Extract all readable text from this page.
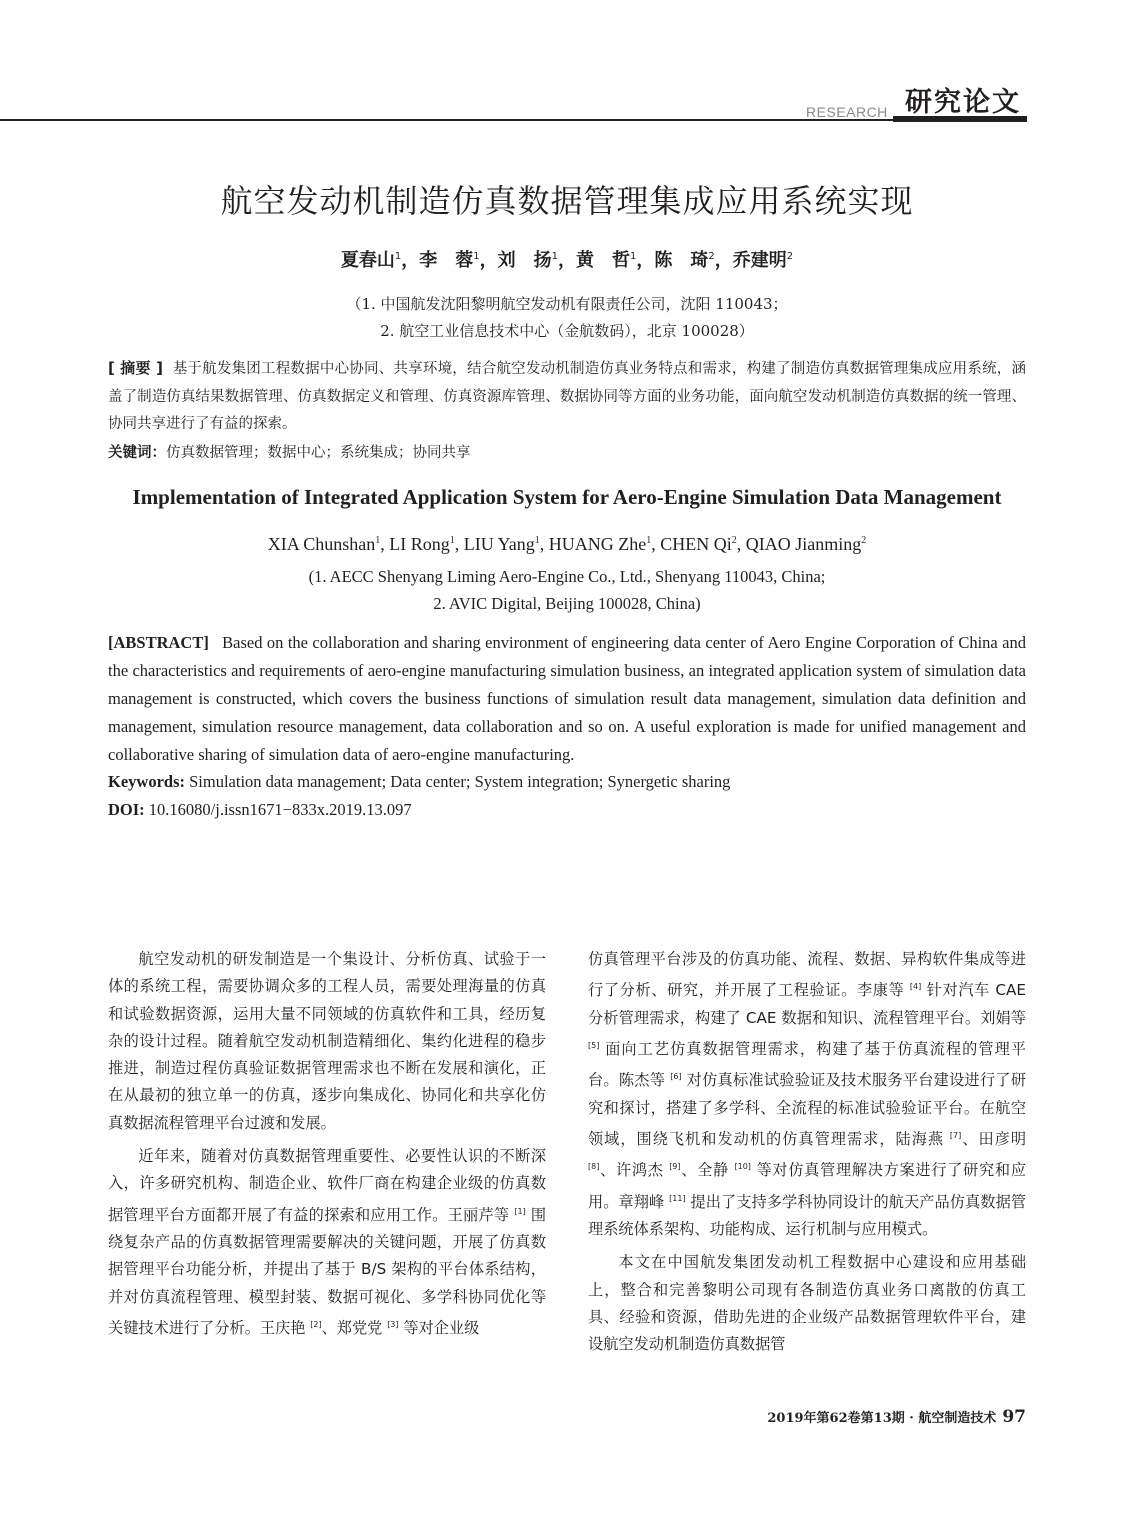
RESEARCH 研究论文
航空发动机制造仿真数据管理集成应用系统实现
夏春山$^1$，李　蓉$^1$，刘　扬$^1$，黄　哲$^1$，陈　琦$^2$，乔建明$^2$
（1. 中国航发沈阳黎明航空发动机有限责任公司，沈阳 110043；
2. 航空工业信息技术中心（金航数码），北京 100028）
[ 摘要 ] 基于航发集团工程数据中心协同、共享环境，结合航空发动机制造仿真业务特点和需求，构建了制造仿真数据管理集成应用系统，涵盖了制造仿真结果数据管理、仿真数据定义和管理、仿真资源库管理、数据协同等方面的业务功能，面向航空发动机制造仿真数据的统一管理、协同共享进行了有益的探索。
关键词：仿真数据管理；数据中心；系统集成；协同共享
Implementation of Integrated Application System for Aero-Engine Simulation Data Management
XIA Chunshan$^1$, LI Rong$^1$, LIU Yang$^1$, HUANG Zhe$^1$, CHEN Qi$^2$, QIAO Jianming$^2$
(1. AECC Shenyang Liming Aero-Engine Co., Ltd., Shenyang 110043, China;
2. AVIC Digital, Beijing 100028, China)
[ABSTRACT] Based on the collaboration and sharing environment of engineering data center of Aero Engine Corporation of China and the characteristics and requirements of aero-engine manufacturing simulation business, an integrated application system of simulation data management is constructed, which covers the business functions of simulation result data management, simulation data definition and management, simulation resource management, data collaboration and so on. A useful exploration is made for unified management and collaborative sharing of simulation data of aero-engine manufacturing.
Keywords: Simulation data management; Data center; System integration; Synergetic sharing
DOI: 10.16080/j.issn1671−833x.2019.13.097

航空发动机的研发制造是一个集设计、分析仿真、试验于一体的系统工程，需要协调众多的工程人员，需要处理海量的仿真和试验数据资源，运用大量不同领域的仿真软件和工具，经历复杂的设计过程。随着航空发动机制造精细化、集约化进程的稳步推进，制造过程仿真验证数据管理需求也不断在发展和演化，正在从最初的独立单一的仿真，逐步向集成化、协同化和共享化仿真数据流程管理平台过渡和发展。

近年来，随着对仿真数据管理重要性、必要性认识的不断深入，许多研究机构、制造企业、软件厂商在构建企业级的仿真数据管理平台方面都开展了有益的探索和应用工作。王丽芹等 [1] 围绕复杂产品的仿真数据管理需要解决的关键问题，开展了仿真数据管理平台功能分析，并提出了基于 B/S 架构的平台体系结构，并对仿真流程管理、模型封装、数据可视化、多学科协同优化等关键技术进行了分析。王庆艳 [2]、郑党党 [3] 等对企业级

仿真管理平台涉及的仿真功能、流程、数据、异构软件集成等进行了分析、研究，并开展了工程验证。李康等 [4] 针对汽车 CAE 分析管理需求，构建了 CAE 数据和知识、流程管理平台。刘娟等 [5] 面向工艺仿真数据管理需求，构建了基于仿真流程的管理平台。陈杰等 [6] 对仿真标准试验验证及技术服务平台建设进行了研究和探讨，搭建了多学科、全流程的标准试验验证平台。在航空领域，围绕飞机和发动机的仿真管理需求，陆海燕 [7]、田彦明 [8]、许鸿杰 [9]、全静 [10] 等对仿真管理解决方案进行了研究和应用。章翔峰 [11] 提出了支持多学科协同设计的航天产品仿真数据管理系统体系架构、功能构成、运行机制与应用模式。

本文在中国航发集团发动机工程数据中心建设和应用基础上，整合和完善黎明公司现有各制造仿真业务口离散的仿真工具、经验和资源，借助先进的企业级产品数据管理软件平台，建设航空发动机制造仿真数据管

2019年第62卷第13期 · 航空制造技术 97
